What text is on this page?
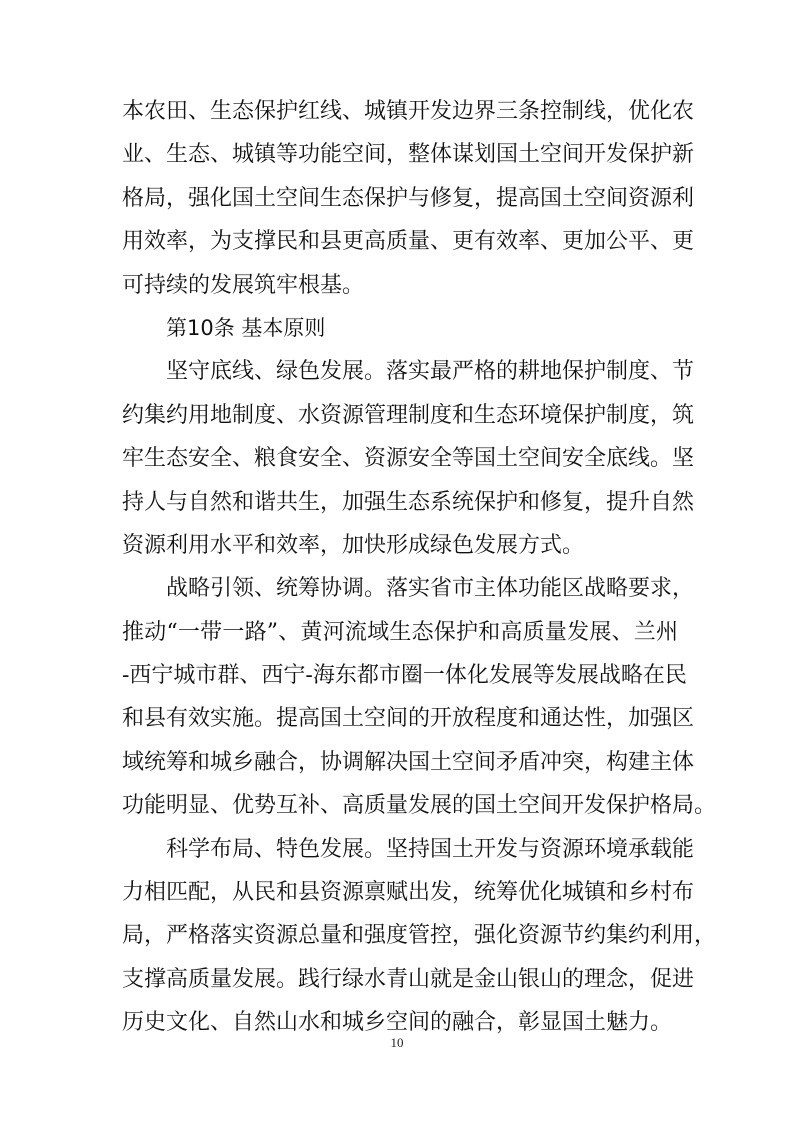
本农田、生态保护红线、城镇开发边界三条控制线，优化农
业、生态、城镇等功能空间，整体谋划国土空间开发保护新
格局，强化国土空间生态保护与修复，提高国土空间资源利
用效率，为支撑民和县更高质量、更有效率、更加公平、更
可持续的发展筑牢根基。
第10条 基本原则
坚守底线、绿色发展。落实最严格的耕地保护制度、节
约集约用地制度、水资源管理制度和生态环境保护制度，筑
牢生态安全、粮食安全、资源安全等国土空间安全底线。坚
持人与自然和谐共生，加强生态系统保护和修复，提升自然
资源利用水平和效率，加快形成绿色发展方式。
战略引领、统筹协调。落实省市主体功能区战略要求，
推动“一带一路”、黄河流域生态保护和高质量发展、兰州
-西宁城市群、西宁-海东都市圈一体化发展等发展战略在民
和县有效实施。提高国土空间的开放程度和通达性，加强区
域统筹和城乡融合，协调解决国土空间矛盾冲突，构建主体
功能明显、优势互补、高质量发展的国土空间开发保护格局。
科学布局、特色发展。坚持国土开发与资源环境承载能
力相匹配，从民和县资源禀赋出发，统筹优化城镇和乡村布
局，严格落实资源总量和强度管控，强化资源节约集约利用，
支撑高质量发展。践行绿水青山就是金山银山的理念，促进
历史文化、自然山水和城乡空间的融合，彰显国土魅力。
10
